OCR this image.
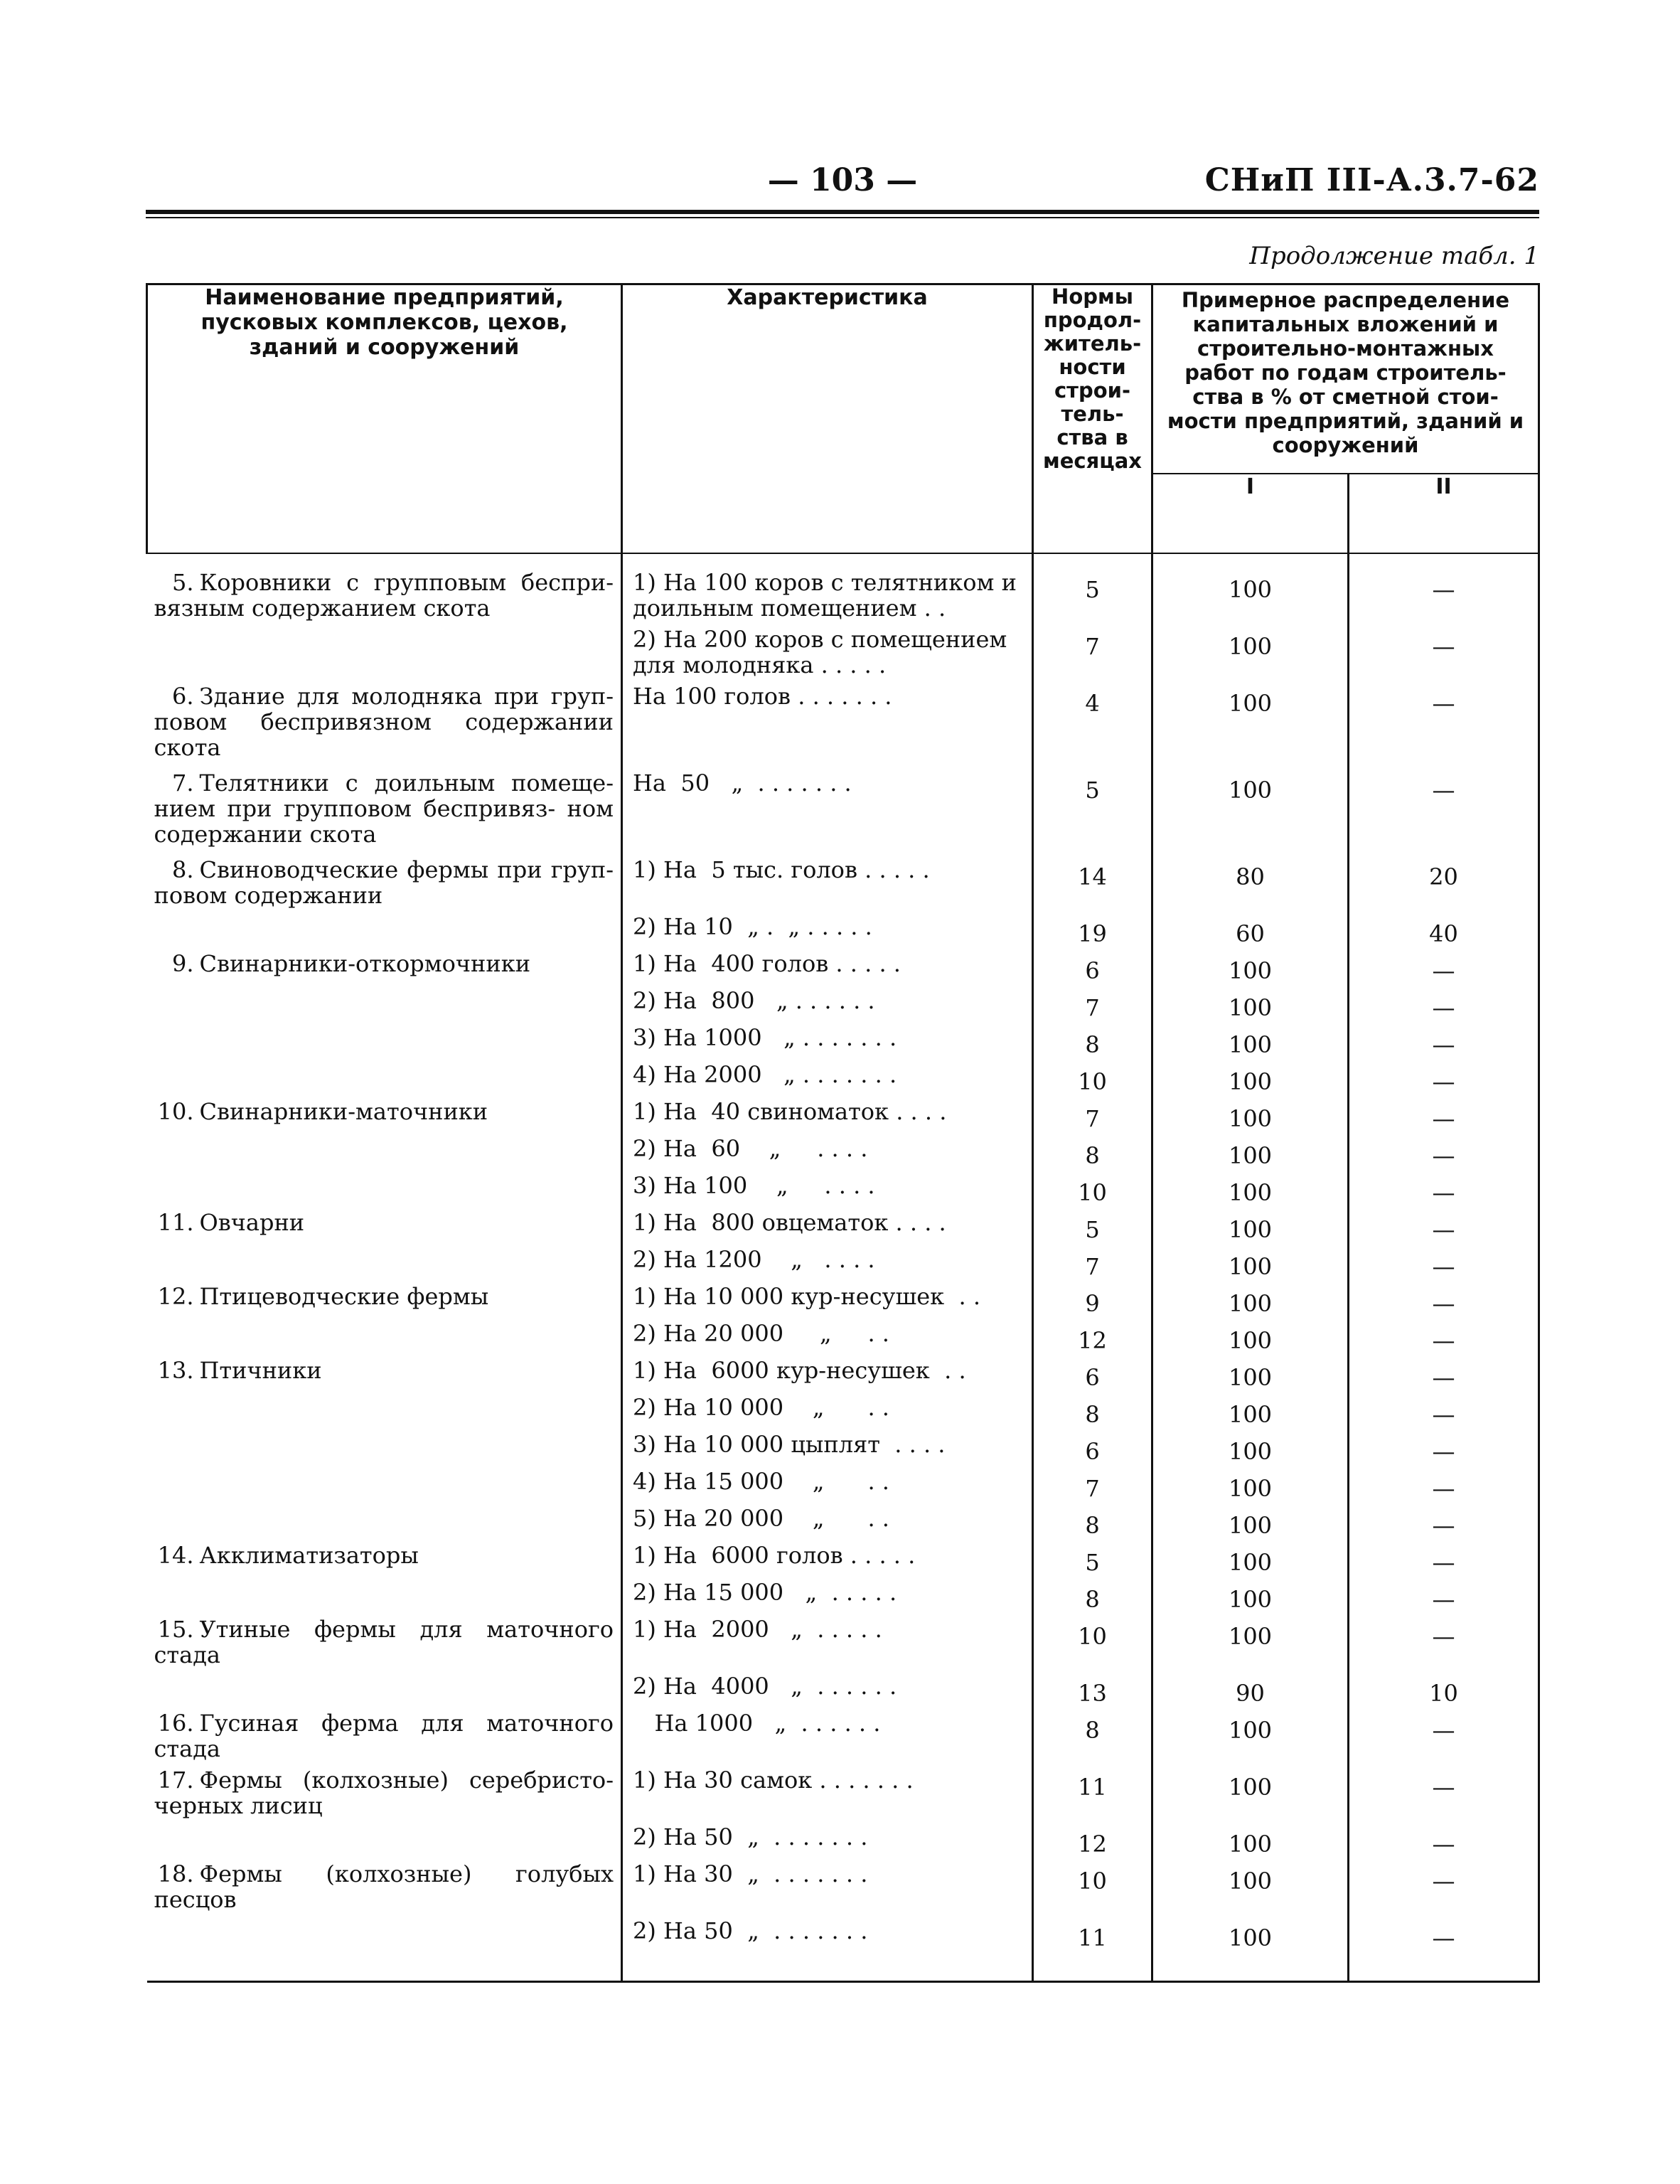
— 103 —	СНиП III-А.3.7-62
Продолжение табл. 1
Наименование предприятий, пусковых комплексов, цехов, зданий и сооружений	Характеристика	Нормы продол- житель- ности строи- тель- ства в месяцах	Примерное распределение капитальных вложений и строительно-монтажных работ по годам строитель- ства в % от сметной стои- мости предприятий, зданий и сооружений	
			I	II

5. Коровники с групповым беспри- вязным содержанием скота	1) На 100 коров с телятником и доильным помещением . .	5	100	—
	2) На 200 коров с помещением для молодняка . . . . .	7	100	—
6. Здание для молодняка при груп- повом беспривязном содержании скота	На 100 голов . . . . . . .	4	100	—
7. Телятники с доильным помеще- нием при групповом беспривяз- ном содержании скота	На  50   „  . . . . . . .	5	100	—
8. Свиноводческие фермы при груп- повом содержании	1) На  5 тыс. голов . . . . .	14	80	20
	2) На 10  „ .  „ . . . . .	19	60	40
9. Свинарники-откормочники	1) На  400 голов . . . . .	6	100	—
	2) На  800   „ . . . . . .	7	100	—
	3) На 1000   „ . . . . . . .	8	100	—
	4) На 2000   „ . . . . . . .	10	100	—
10. Свинарники-маточники	1) На  40 свиноматок . . . .	7	100	—
	2) На  60    „     . . . .	8	100	—
	3) На 100    „     . . . .	10	100	—
11. Овчарни	1) На  800 овцематок . . . .	5	100	—
	2) На 1200    „   . . . .	7	100	—
12. Птицеводческие фермы	1) На 10 000 кур-несушек  . .	9	100	—
	2) На 20 000     „     . .	12	100	—
13. Птичники	1) На  6000 кур-несушек  . .	6	100	—
	2) На 10 000    „      . .	8	100	—
	3) На 10 000 цыплят  . . . .	6	100	—
	4) На 15 000    „      . .	7	100	—
	5) На 20 000    „      . .	8	100	—
14. Акклиматизаторы	1) На  6000 голов . . . . .	5	100	—
	2) На 15 000   „  . . . . .	8	100	—
15. Утиные фермы для маточного стада	1) На  2000   „  . . . . .	10	100	—
	2) На  4000   „  . . . . . .	13	90	10
16. Гусиная ферма для маточного стада	На 1000   „  . . . . . .	8	100	—
17. Фермы (колхозные) серебристо- черных лисиц	1) На 30 самок . . . . . . .	11	100	—
	2) На 50  „  . . . . . . .	12	100	—
18. Фермы (колхозные) голубых песцов	1) На 30  „  . . . . . . .	10	100	—
	2) На 50  „  . . . . . . .	11	100	—
